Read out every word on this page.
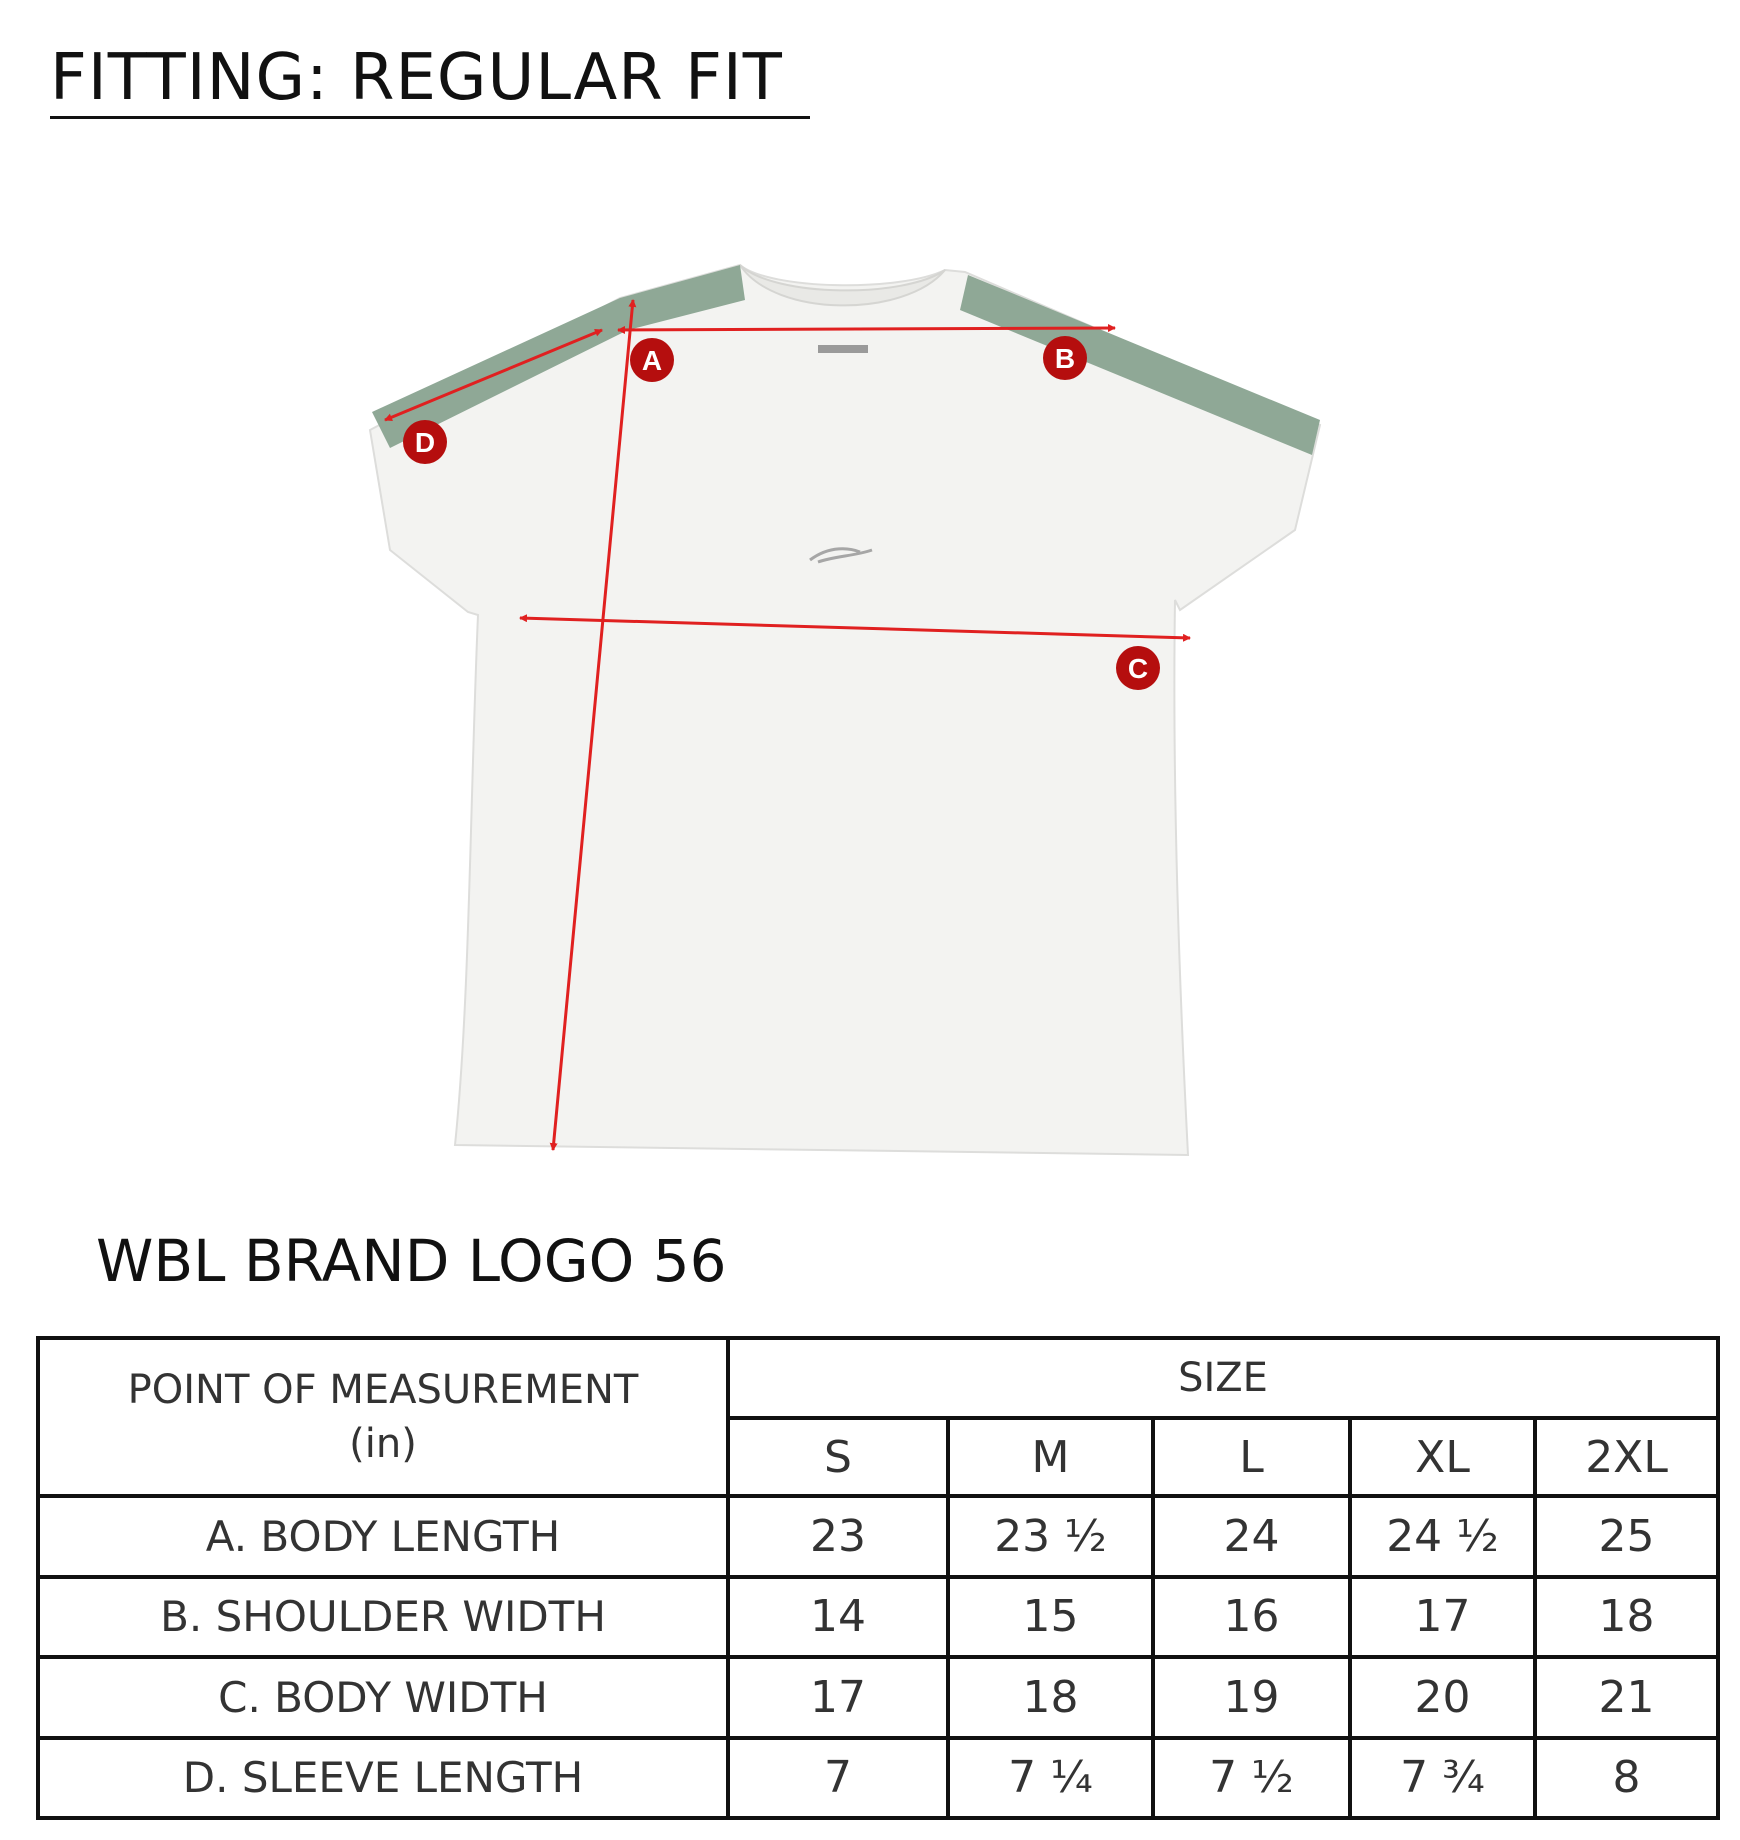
FITTING: REGULAR FIT
A	B
C
D
WBL BRAND LOGO 56
POINT OF MEASUREMENT
(in)	SIZE				
	S	M	L	XL	2XL
A. BODY LENGTH	23	23 ½	24	24 ½	25
B. SHOULDER WIDTH	14	15	16	17	18
C. BODY WIDTH	17	18	19	20	21
D. SLEEVE LENGTH	7	7 ¼	7 ½	7 ¾	8
